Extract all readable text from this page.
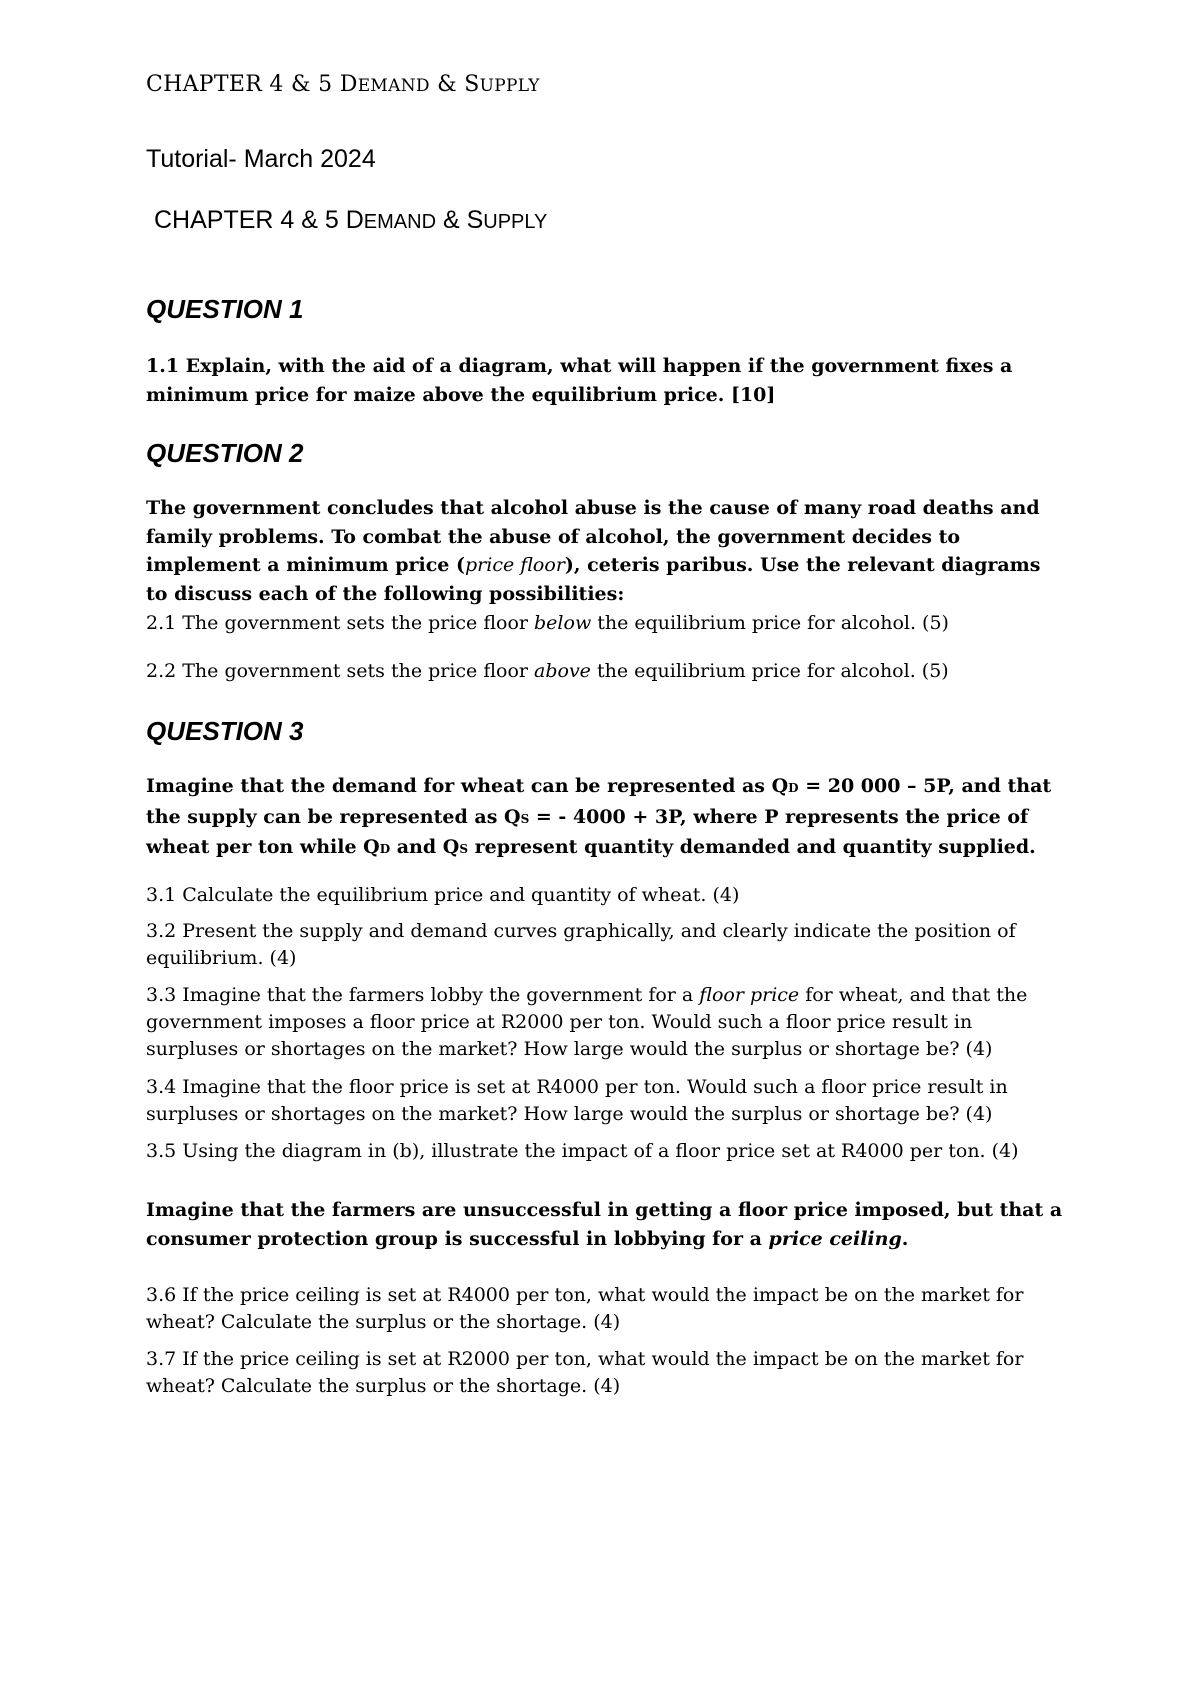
CHAPTER 4 & 5 DEMAND & SUPPLY

Tutorial- March 2024

CHAPTER 4 & 5 DEMAND & SUPPLY

QUESTION 1

1.1 Explain, with the aid of a diagram, what will happen if the government fixes a minimum price for maize above the equilibrium price. [10]

QUESTION 2

The government concludes that alcohol abuse is the cause of many road deaths and family problems. To combat the abuse of alcohol, the government decides to implement a minimum price (price floor), ceteris paribus. Use the relevant diagrams to discuss each of the following possibilities:

2.1 The government sets the price floor below the equilibrium price for alcohol. (5)

2.2 The government sets the price floor above the equilibrium price for alcohol. (5)

QUESTION 3

Imagine that the demand for wheat can be represented as QD = 20 000 – 5P, and that the supply can be represented as QS = - 4000 + 3P, where P represents the price of wheat per ton while QD and QS represent quantity demanded and quantity supplied.

3.1 Calculate the equilibrium price and quantity of wheat. (4)

3.2 Present the supply and demand curves graphically, and clearly indicate the position of equilibrium. (4)

3.3 Imagine that the farmers lobby the government for a floor price for wheat, and that the government imposes a floor price at R2000 per ton. Would such a floor price result in surpluses or shortages on the market? How large would the surplus or shortage be? (4)

3.4 Imagine that the floor price is set at R4000 per ton. Would such a floor price result in surpluses or shortages on the market? How large would the surplus or shortage be? (4)

3.5 Using the diagram in (b), illustrate the impact of a floor price set at R4000 per ton. (4)

Imagine that the farmers are unsuccessful in getting a floor price imposed, but that a consumer protection group is successful in lobbying for a price ceiling.

3.6 If the price ceiling is set at R4000 per ton, what would the impact be on the market for wheat? Calculate the surplus or the shortage. (4)

3.7 If the price ceiling is set at R2000 per ton, what would the impact be on the market for wheat? Calculate the surplus or the shortage. (4)
